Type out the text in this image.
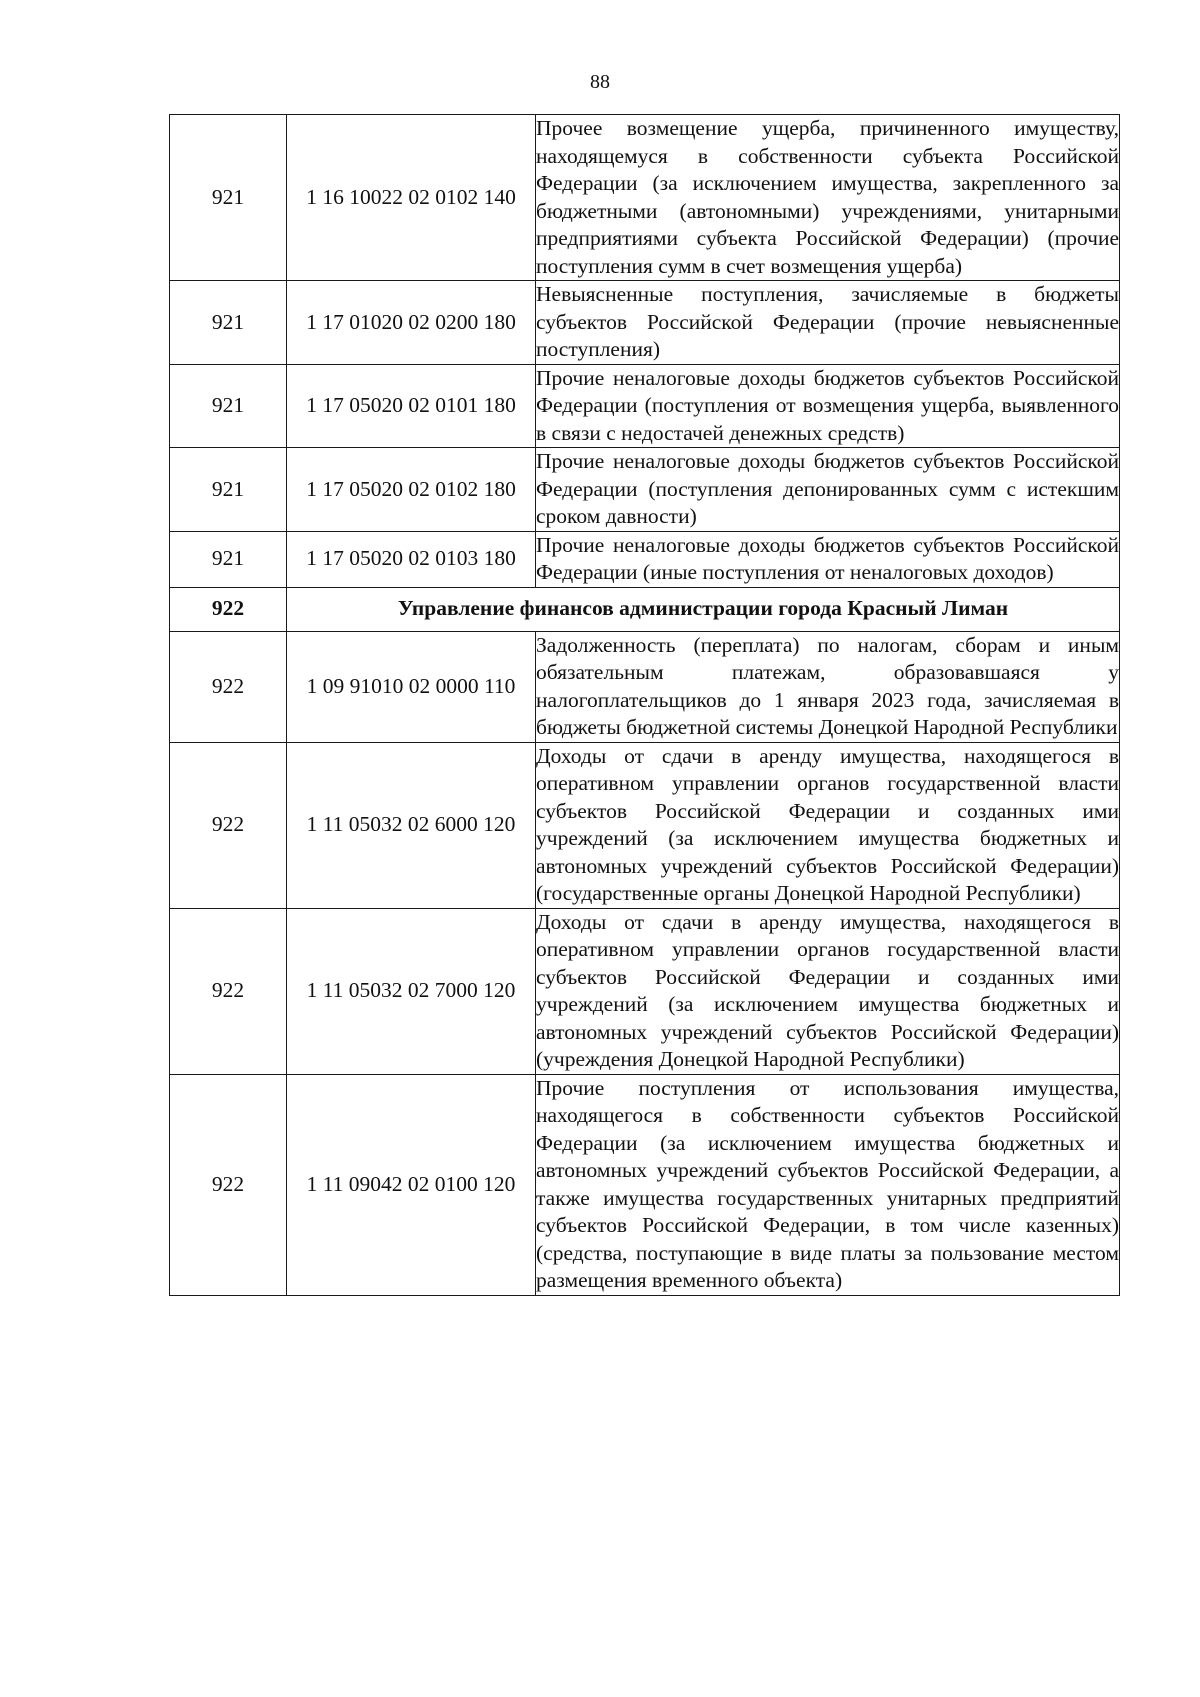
88
921	1 16 10022 02 0102 140	Прочее возмещение ущерба, причиненного имуществу, находящемуся в собственности субъекта Российской Федерации (за исключением имущества, закрепленного за бюджетными (автономными) учреждениями, унитарными предприятиями субъекта Российской Федерации) (прочие поступления сумм в счет возмещения ущерба)
921	1 17 01020 02 0200 180	Невыясненные поступления, зачисляемые в бюджеты субъектов Российской Федерации (прочие невыясненные поступления)
921	1 17 05020 02 0101 180	Прочие неналоговые доходы бюджетов субъектов Российской Федерации (поступления от возмещения ущерба, выявленного в связи с недостачей денежных средств)
921	1 17 05020 02 0102 180	Прочие неналоговые доходы бюджетов субъектов Российской Федерации (поступления депонированных сумм с истекшим сроком давности)
921	1 17 05020 02 0103 180	Прочие неналоговые доходы бюджетов субъектов Российской Федерации (иные поступления от неналоговых доходов)
922	Управление финансов администрации города Красный Лиман	
922	1 09 91010 02 0000 110	Задолженность (переплата) по налогам, сборам и иным обязательным платежам, образовавшаяся у налогоплательщиков до 1 января 2023 года, зачисляемая в бюджеты бюджетной системы Донецкой Народной Республики
922	1 11 05032 02 6000 120	Доходы от сдачи в аренду имущества, находящегося в оперативном управлении органов государственной власти субъектов Российской Федерации и созданных ими учреждений (за исключением имущества бюджетных и автономных учреждений субъектов Российской Федерации) (государственные органы Донецкой Народной Республики)
922	1 11 05032 02 7000 120	Доходы от сдачи в аренду имущества, находящегося в оперативном управлении органов государственной власти субъектов Российской Федерации и созданных ими учреждений (за исключением имущества бюджетных и автономных учреждений субъектов Российской Федерации) (учреждения Донецкой Народной Республики)
922	1 11 09042 02 0100 120	Прочие поступления от использования имущества, находящегося в собственности субъектов Российской Федерации (за исключением имущества бюджетных и автономных учреждений субъектов Российской Федерации, а также имущества государственных унитарных предприятий субъектов Российской Федерации, в том числе казенных) (средства, поступающие в виде платы за пользование местом размещения временного объекта)
